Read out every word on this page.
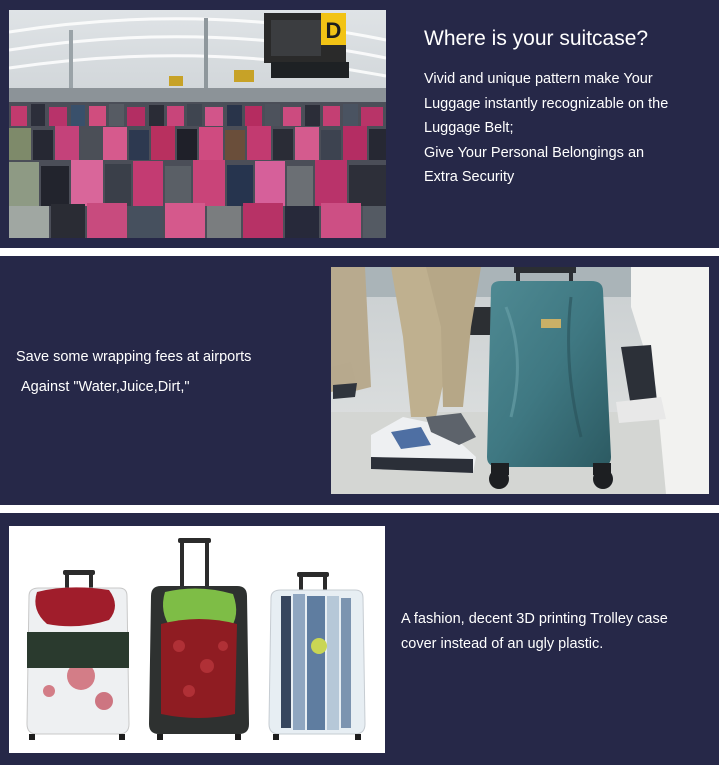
D	Where is your suitcase?
Vivid and unique pattern make Your
Luggage instantly recognizable on the
Luggage Belt;
Give Your Personal Belongings an
Extra Security
Save some wrapping fees at airports
Against "Water,Juice,Dirt,"
A fashion, decent 3D printing Trolley case
cover instead of an ugly plastic.
